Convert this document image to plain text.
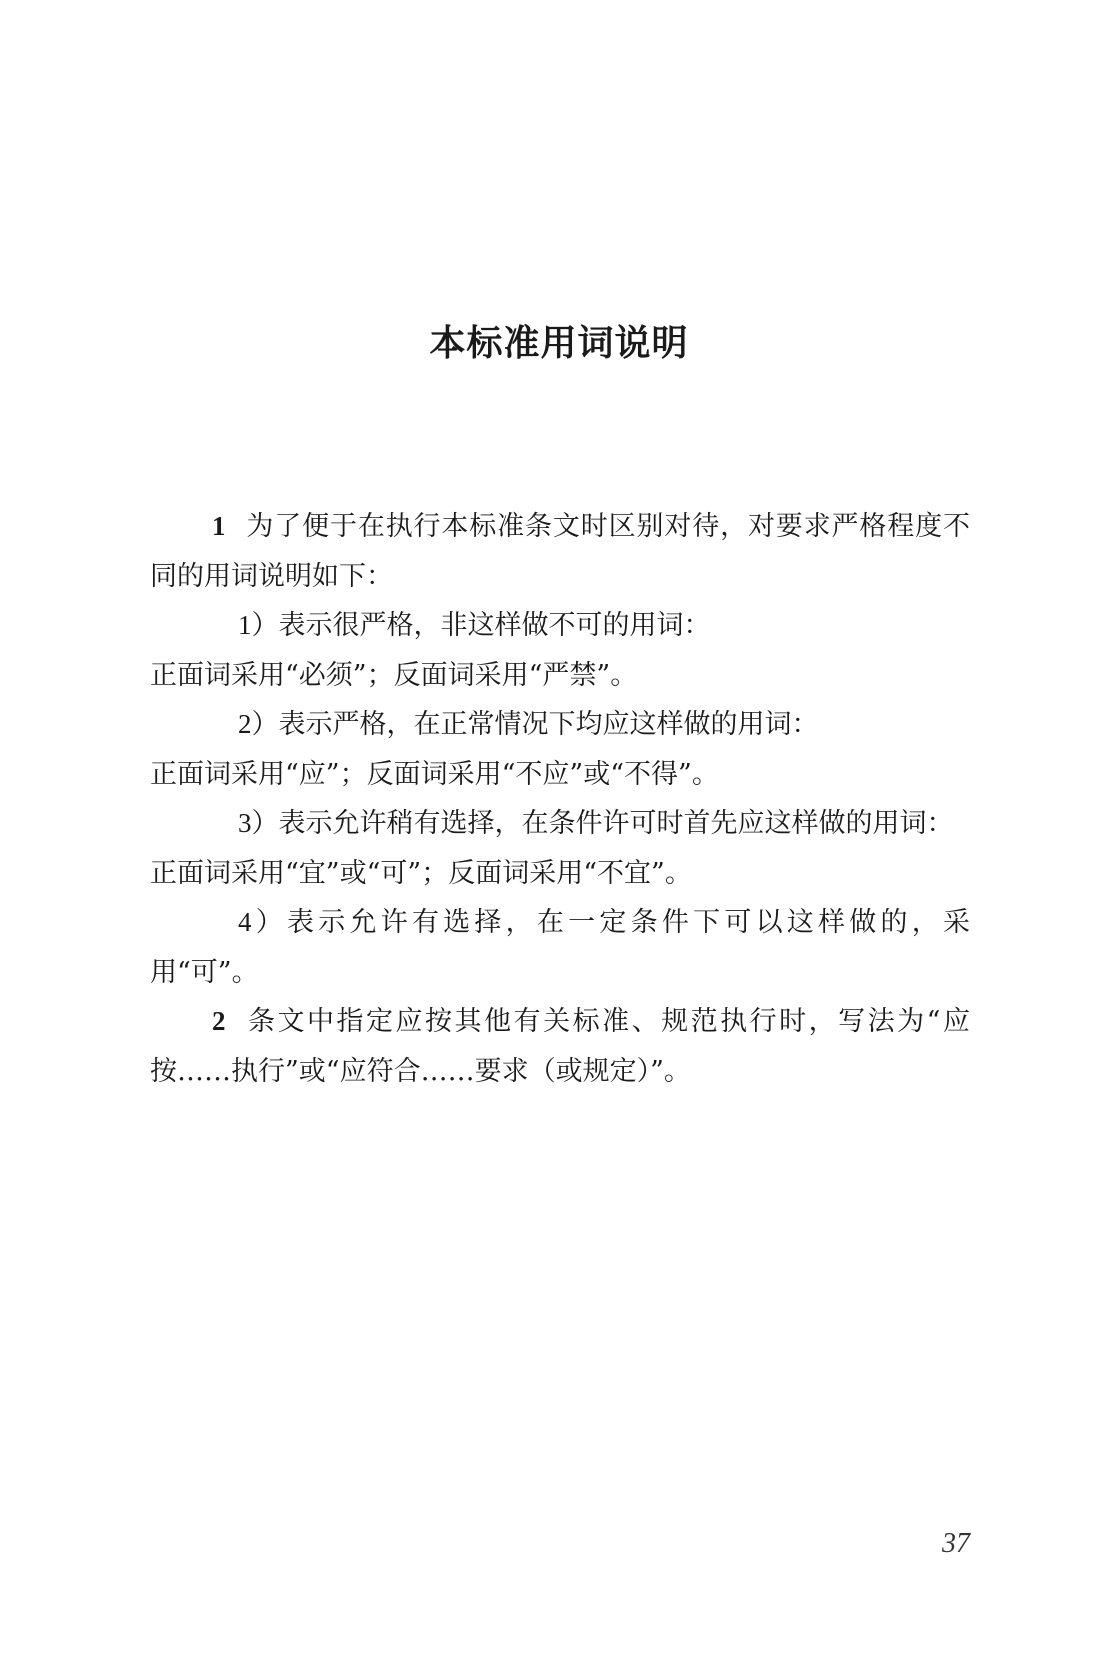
本标准用词说明

1 为了便于在执行本标准条文时区别对待，对要求严格程度不同的用词说明如下：

1）表示很严格，非这样做不可的用词：

正面词采用“必须”；反面词采用“严禁”。

2）表示严格，在正常情况下均应这样做的用词：

正面词采用“应”；反面词采用“不应”或“不得”。

3）表示允许稍有选择，在条件许可时首先应这样做的用词：

正面词采用“宜”或“可”；反面词采用“不宜”。

4）表示允许有选择，在一定条件下可以这样做的，采用“可”。

2 条文中指定应按其他有关标准、规范执行时，写法为“应按……执行”或“应符合……要求（或规定）”。

37
